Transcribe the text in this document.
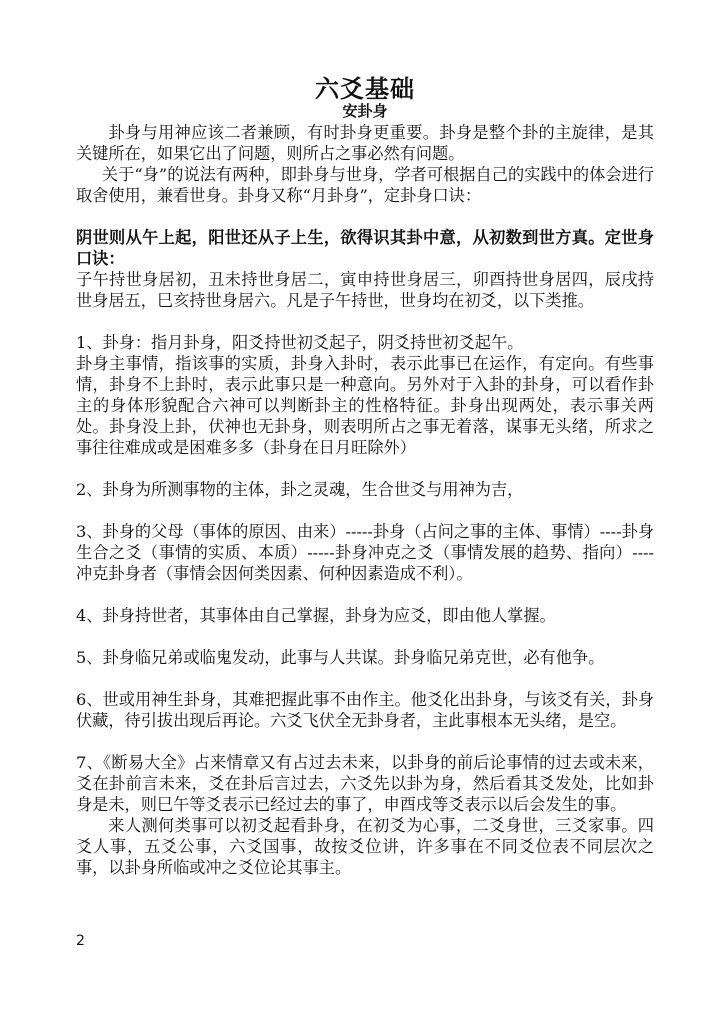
六爻基础
安卦身

卦身与用神应该二者兼顾，有时卦身更重要。卦身是整个卦的主旋律，是其关键所在，如果它出了问题，则所占之事必然有问题。

关于“身”的说法有两种，即卦身与世身，学者可根据自己的实践中的体会进行取舍使用，兼看世身。卦身又称“月卦身”，定卦身口诀：

阴世则从午上起，阳世还从子上生，欲得识其卦中意，从初数到世方真。定世身口诀：

子午持世身居初，丑未持世身居二，寅申持世身居三，卯酉持世身居四，辰戌持世身居五，巳亥持世身居六。凡是子午持世，世身均在初爻，以下类推。

1、卦身：指月卦身，阳爻持世初爻起子，阴爻持世初爻起午。

卦身主事情，指该事的实质，卦身入卦时，表示此事已在运作，有定向。有些事情，卦身不上卦时，表示此事只是一种意向。另外对于入卦的卦身，可以看作卦主的身体形貌配合六神可以判断卦主的性格特征。卦身出现两处，表示事关两处。卦身没上卦，伏神也无卦身，则表明所占之事无着落，谋事无头绪，所求之事往往难成或是困难多多（卦身在日月旺除外）

2、卦身为所测事物的主体，卦之灵魂，生合世爻与用神为吉，

3、卦身的父母（事体的原因、由来）-----卦身（占问之事的主体、事情）----卦身生合之爻（事情的实质、本质）-----卦身冲克之爻（事情发展的趋势、指向）----冲克卦身者（事情会因何类因素、何种因素造成不利）。

4、卦身持世者，其事体由自己掌握，卦身为应爻，即由他人掌握。

5、卦身临兄弟或临鬼发动，此事与人共谋。卦身临兄弟克世，必有他争。

6、世或用神生卦身，其难把握此事不由作主。他爻化出卦身，与该爻有关，卦身伏藏，待引拔出现后再论。六爻飞伏全无卦身者，主此事根本无头绪，是空。

7、《断易大全》占来情章又有占过去未来，以卦身的前后论事情的过去或未来，爻在卦前言未来，爻在卦后言过去，六爻先以卦为身，然后看其爻发处，比如卦身是未，则巳午等爻表示已经过去的事了，申酉戌等爻表示以后会发生的事。

来人测何类事可以初爻起看卦身，在初爻为心事，二爻身世，三爻家事。四爻人事，五爻公事，六爻国事，故按爻位讲，许多事在不同爻位表不同层次之事，以卦身所临或冲之爻位论其事主。

2
